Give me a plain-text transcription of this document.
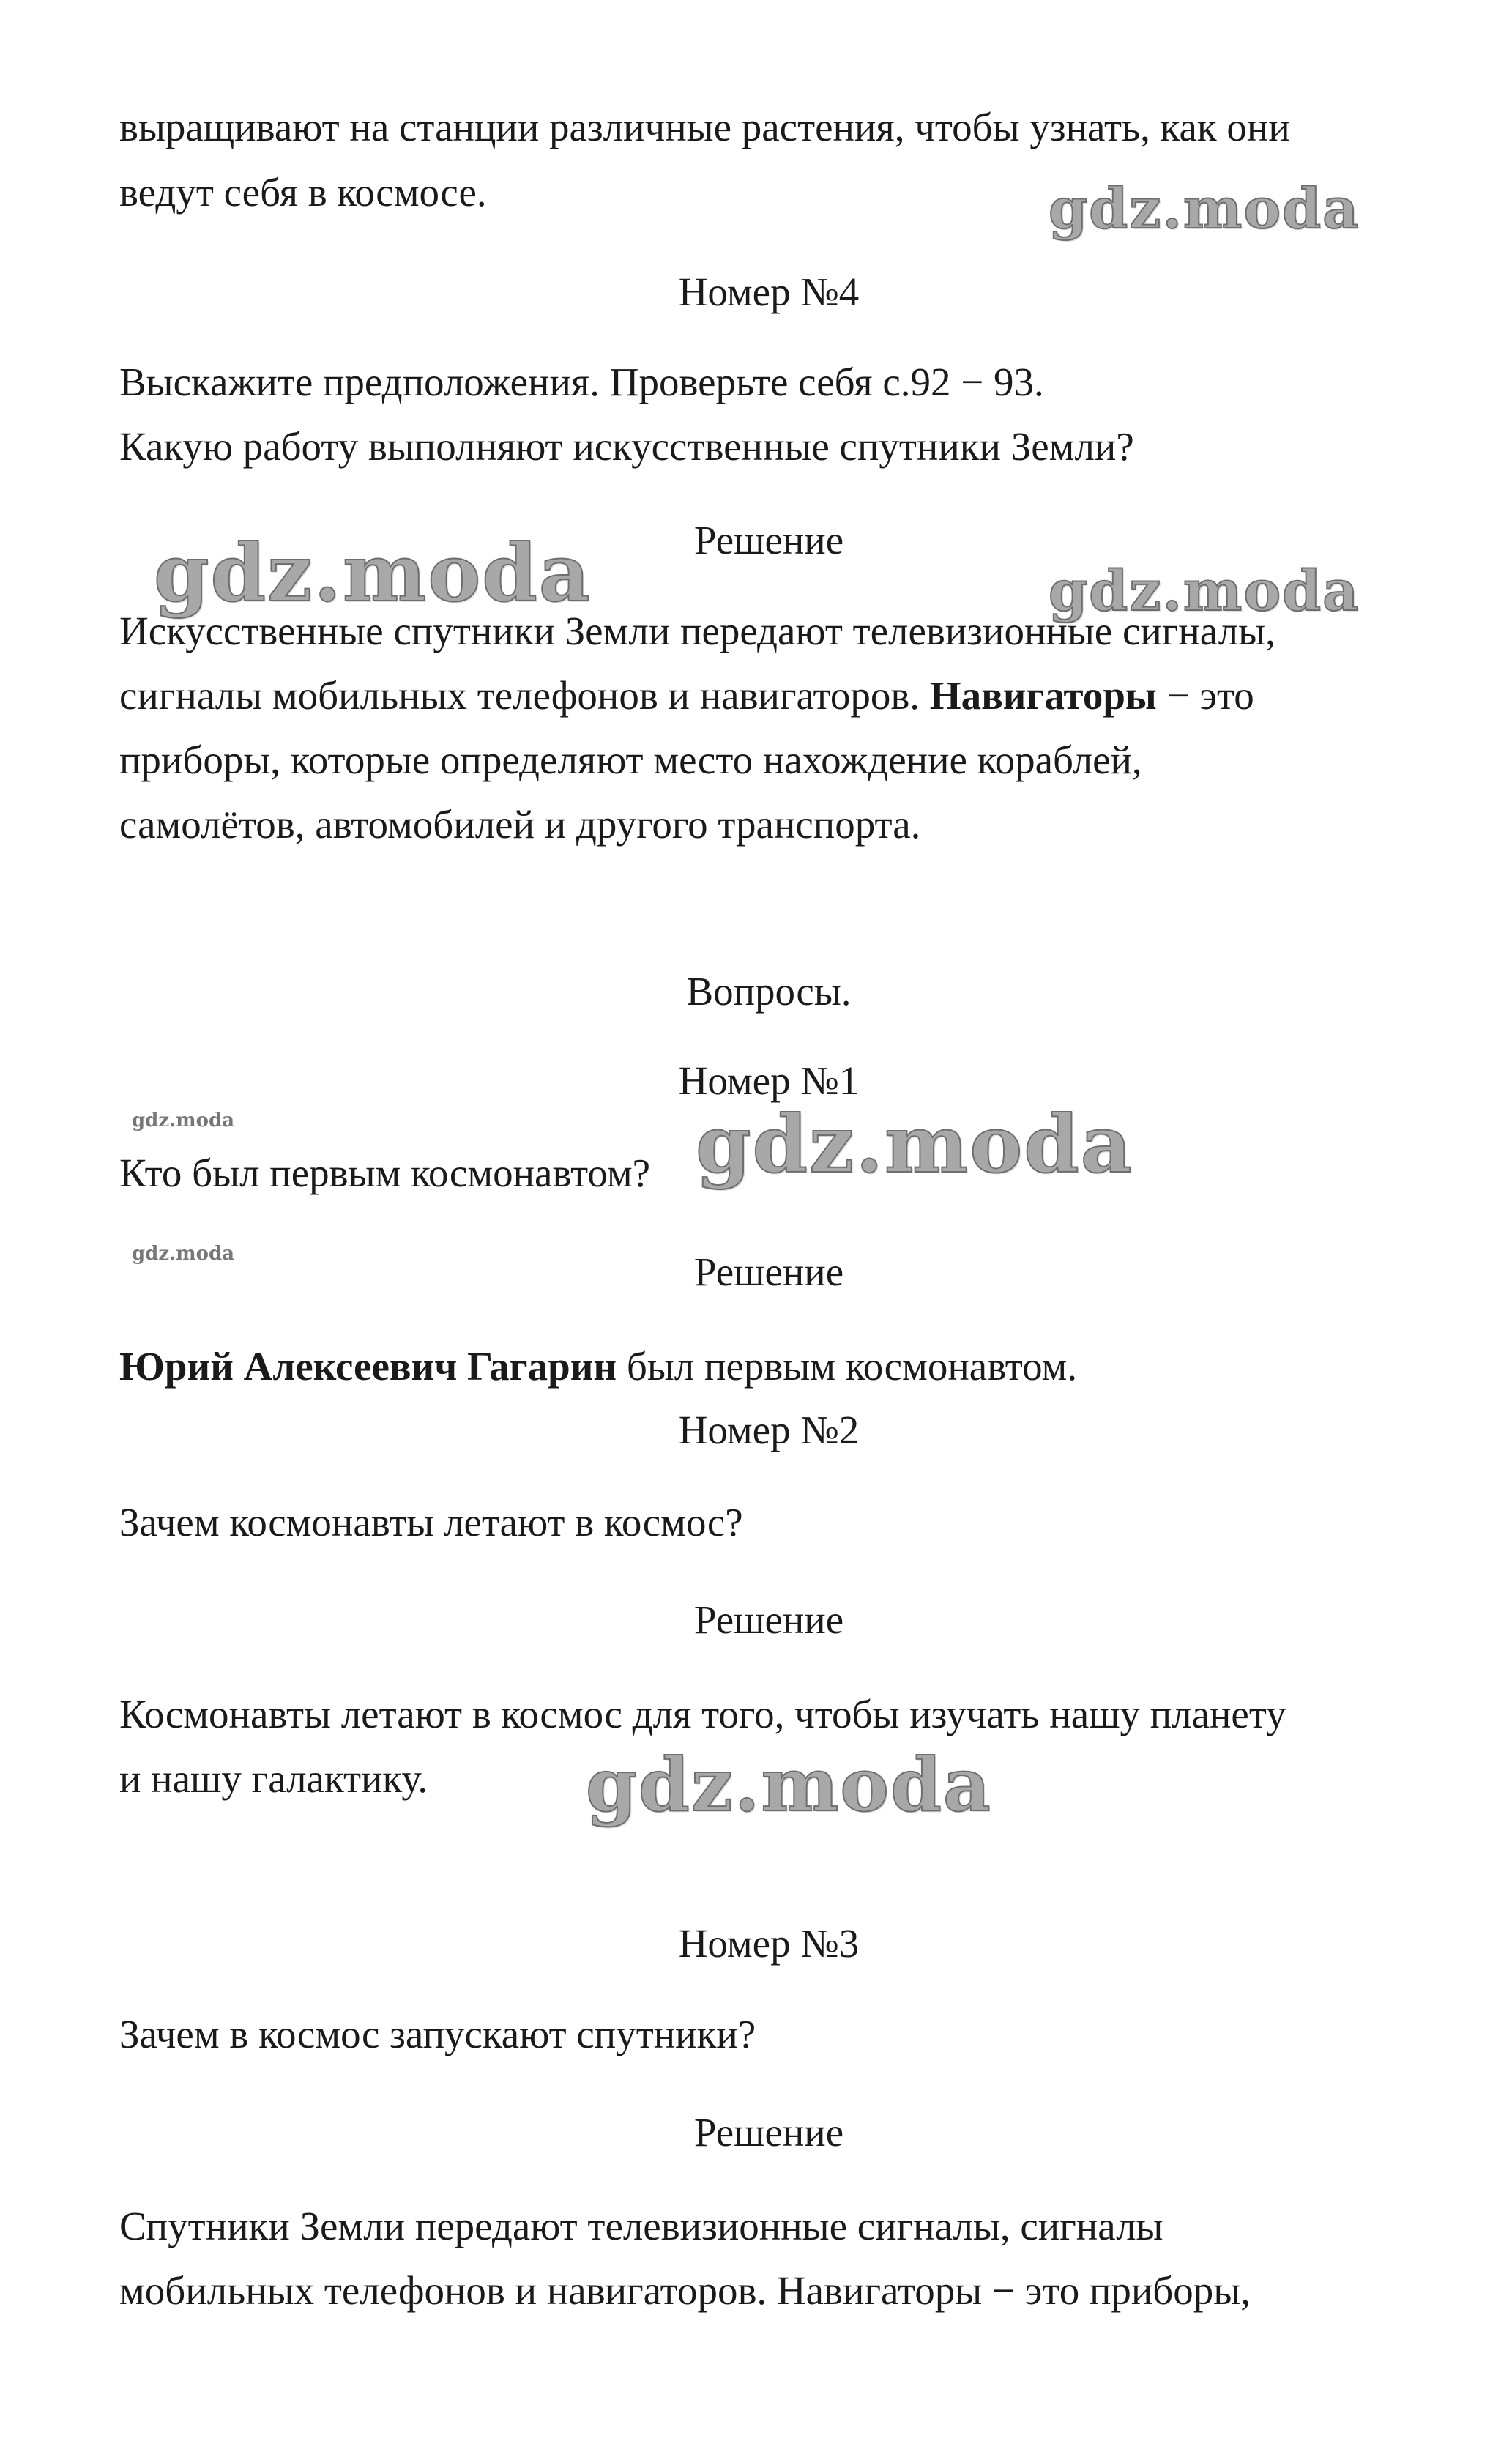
выращивают на станции различные растения, чтобы узнать, как они
ведут себя в космосе.
Номер №4
Выскажите предположения. Проверьте себя с.92 − 93.
Какую работу выполняют искусственные спутники Земли?
Решение
Искусственные спутники Земли передают телевизионные сигналы,
сигналы мобильных телефонов и навигаторов. Навигаторы − это
приборы, которые определяют место нахождение кораблей,
самолётов, автомобилей и другого транспорта.
Вопросы.
Номер №1
Кто был первым космонавтом?
Решение
Юрий Алексеевич Гагарин был первым космонавтом.
Номер №2
Зачем космонавты летают в космос?
Решение
Космонавты летают в космос для того, чтобы изучать нашу планету
и нашу галактику.
Номер №3
Зачем в космос запускают спутники?
Решение
Спутники Земли передают телевизионные сигналы, сигналы
мобильных телефонов и навигаторов. Навигаторы − это приборы,
gdz.moda
gdz.moda	gdz.moda
gdz.moda
gdz.moda
gdz.moda
gdz.moda
